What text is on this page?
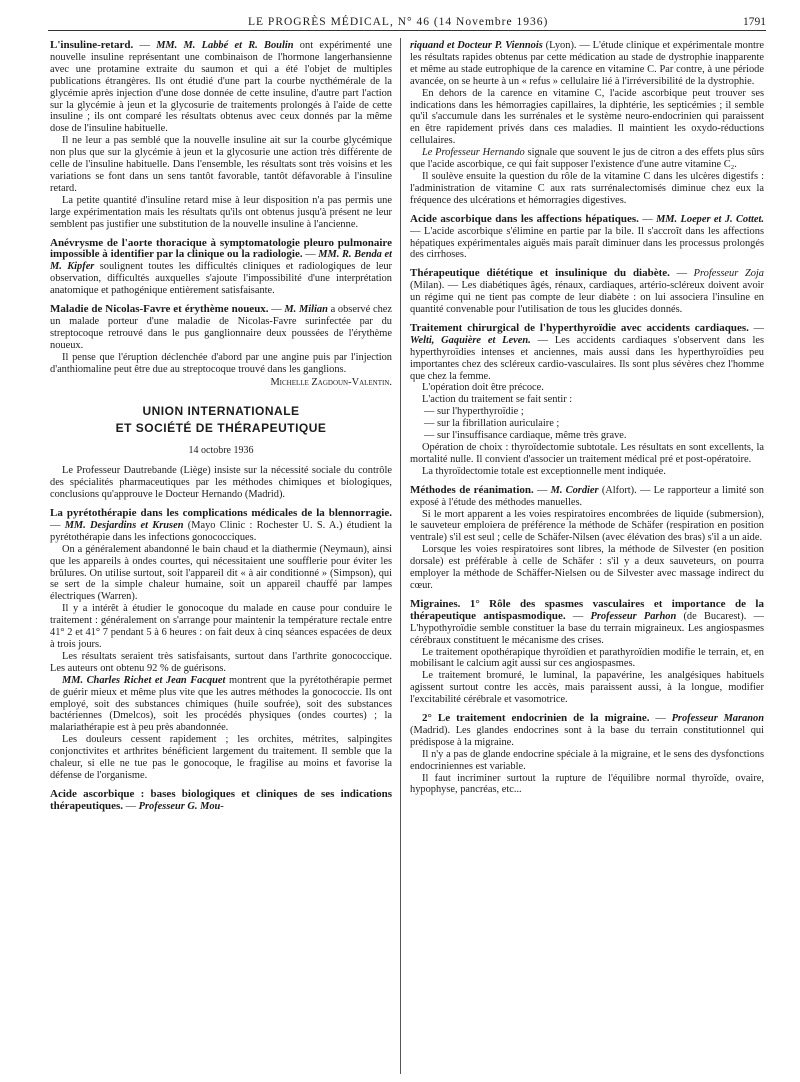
LE PROGRÈS MÉDICAL, N° 46 (14 Novembre 1936)	1791

L'insuline-retard. — MM. M. Labbé et R. Boulin ont expérimenté une nouvelle insuline représentant une combinaison de l'hormone langerhansienne avec une protamine extraite du saumon et qui a été l'objet de multiples publications étrangères. Ils ont étudié d'une part la courbe nycthémérale de la glycémie après injection d'une dose donnée de cette insuline, d'autre part l'action sur la glycémie à jeun et la glycosurie de traitements prolongés à l'aide de cette insuline ; ils ont comparé les résultats obtenus avec ceux donnés par la même dose de l'insuline habituelle.

Il ne leur a pas semblé que la nouvelle insuline ait sur la courbe glycémique non plus que sur la glycémie à jeun et la glycosurie une action très différente de celle de l'insuline habituelle. Dans l'ensemble, les résultats sont très voisins et les variations se font dans un sens tantôt favorable, tantôt défavorable à l'insuline retard.

La petite quantité d'insuline retard mise à leur disposition n'a pas permis une large expérimentation mais les résultats qu'ils ont obtenus jusqu'à présent ne leur semblent pas justifier une substitution de la nouvelle insuline à l'ancienne.

Anévrysme de l'aorte thoracique à symptomatologie pleuro pulmonaire impossible à identifier par la clinique ou la radiologie. — MM. R. Benda et M. Kipfer soulignent toutes les difficultés cliniques et radiologiques de leur observation, difficultés auxquelles s'ajoute l'impossibilité d'une interprétation anatomique et pathogénique entièrement satisfaisante.

Maladie de Nicolas-Favre et érythème noueux. — M. Milian a observé chez un malade porteur d'une maladie de Nicolas-Favre surinfectée par du streptocoque retrouvé dans le pus ganglionnaire deux poussées de l'érythème noueux.

Il pense que l'éruption déclenchée d'abord par une angine puis par l'injection d'anthiomaline peut être due au streptocoque trouvé dans les ganglions.

Michelle Zagdoun-Valentin.

UNION INTERNATIONALE
ET SOCIÉTÉ DE THÉRAPEUTIQUE
14 octobre 1936

Le Professeur Dautrebande (Liège) insiste sur la nécessité sociale du contrôle des spécialités pharmaceutiques par les méthodes chimiques et biologiques, conclusions qu'approuve le Docteur Hernando (Madrid).

La pyrétothérapie dans les complications médicales de la blennorragie. — MM. Desjardins et Krusen (Mayo Clinic : Rochester U. S. A.) étudient la pyrétothérapie dans les infections gonococciques.

On a généralement abandonné le bain chaud et la diathermie (Neymaun), ainsi que les appareils à ondes courtes, qui nécessitaient une soufflerie pour éviter les brûlures. On utilise surtout, soit l'appareil dit « à air conditionné » (Simpson), qui se sert de la simple chaleur humaine, soit un appareil chauffé par lampes électriques (Warren).

Il y a intérêt à étudier le gonocoque du malade en cause pour conduire le traitement : généralement on s'arrange pour maintenir la température rectale entre 41° 2 et 41° 7 pendant 5 à 6 heures : on fait deux à cinq séances espacées de deux à trois jours.

Les résultats seraient très satisfaisants, surtout dans l'arthrite gonococcique. Les auteurs ont obtenu 92 % de guérisons.

MM. Charles Richet et Jean Facquet montrent que la pyrétothérapie permet de guérir mieux et même plus vite que les autres méthodes la gonococcie. Ils ont employé, soit des substances chimiques (huile soufrée), soit des substances bactériennes (Dmelcos), soit les procédés physiques (ondes courtes) ; la malariathérapie est à peu près abandonnée.

Les douleurs cessent rapidement ; les orchites, métrites, salpingites conjonctivites et arthrites bénéficient largement du traitement. Il semble que la chaleur, si elle ne tue pas le gonocoque, le fragilise au moins et favorise la défense de l'organisme.

Acide ascorbique : bases biologiques et cliniques de ses indications thérapeutiques. — Professeur G. Mou-

riquand et Docteur P. Viennois (Lyon). — L'étude clinique et expérimentale montre les résultats rapides obtenus par cette médication au stade de dystrophie inapparente et même au stade eutrophique de la carence en vitamine C. Par contre, à une période avancée, on se heurte à un « refus » cellulaire lié à l'irréversibilité de la dystrophie.

En dehors de la carence en vitamine C, l'acide ascorbique peut trouver ses indications dans les hémorragies capillaires, la diphtérie, les septicémies ; il semble qu'il s'accumule dans les surrénales et le système neuro-endocrinien qui paraissent en être rapidement privés dans ces maladies. Il maintient les oxydo-réductions cellulaires.

Le Professeur Hernando signale que souvent le jus de citron a des effets plus sûrs que l'acide ascorbique, ce qui fait supposer l'existence d'une autre vitamine C₂.

Il soulève ensuite la question du rôle de la vitamine C dans les ulcères digestifs : l'administration de vitamine C aux rats surrénalectomisés diminue chez eux la fréquence des ulcérations et hémorragies digestives.

Acide ascorbique dans les affections hépatiques. — MM. Loeper et J. Cottet. — L'acide ascorbique s'élimine en partie par la bile. Il s'accroît dans les affections hépatiques expérimentales aiguës mais paraît diminuer dans les processus prolongés des cirrhoses.

Thérapeutique diététique et insulinique du diabète. — Professeur Zoja (Milan). — Les diabétiques âgés, rénaux, cardiaques, artério-scléreux doivent avoir un régime qui ne tient pas compte de leur diabète : on lui associera l'insuline en quantité convenable pour l'utilisation de tous les glucides donnés.

Traitement chirurgical de l'hyperthyroïdie avec accidents cardiaques. — Welti, Gaquière et Leven. — Les accidents cardiaques s'observent dans les hyperthyroïdies intenses et anciennes, mais aussi dans les hyperthyroïdies peu importantes chez des scléreux cardio-vasculaires. Ils sont plus sévères chez l'homme que chez la femme.

L'opération doit être précoce.

L'action du traitement se fait sentir :

— sur l'hyperthyroïdie ;

— sur la fibrillation auriculaire ;

— sur l'insuffisance cardiaque, même très grave.

Opération de choix : thyroïdectomie subtotale. Les résultats en sont excellents, la mortalité nulle. Il convient d'associer un traitement médical pré et post-opératoire.

La thyroïdectomie totale est exceptionnelle ment indiquée.

Méthodes de réanimation. — M. Cordier (Alfort). — Le rapporteur a limité son exposé à l'étude des méthodes manuelles.

Si le mort apparent a les voies respiratoires encombrées de liquide (submersion), le sauveteur emploiera de préférence la méthode de Schäfer (respiration en position ventrale) s'il est seul ; celle de Schäfer-Nilsen (avec élévation des bras) s'il a un aide.

Lorsque les voies respiratoires sont libres, la méthode de Silvester (en position dorsale) est préférable à celle de Schäfer : s'il y a deux sauveteurs, on pourra employer la méthode de Schäffer-Nielsen ou de Silvester avec massage indirect du cœur.

Migraines. 1° Rôle des spasmes vasculaires et importance de la thérapeutique antispasmodique. — Professeur Parhon (de Bucarest). — L'hypothyroïdie semble constituer la base du terrain migraineux. Les angiospasmes cérébraux constituent le mécanisme des crises.

Le traitement opothérapique thyroïdien et parathyroïdien modifie le terrain, et, en mobilisant le calcium agit aussi sur ces angiospasmes.

Le traitement bromuré, le luminal, la papavérine, les analgésiques habituels agissent surtout contre les accès, mais paraissent aussi, à la longue, modifier l'excitabilité cérébrale et vasomotrice.

2° Le traitement endocrinien de la migraine. — Professeur Maranon (Madrid). Les glandes endocrines sont à la base du terrain constitutionnel qui prédispose à la migraine.

Il n'y a pas de glande endocrine spéciale à la migraine, et le sens des dysfonctions endocriniennes est variable.

Il faut incriminer surtout la rupture de l'équilibre normal thyroïde, ovaire, hypophyse, pancréas, etc...
